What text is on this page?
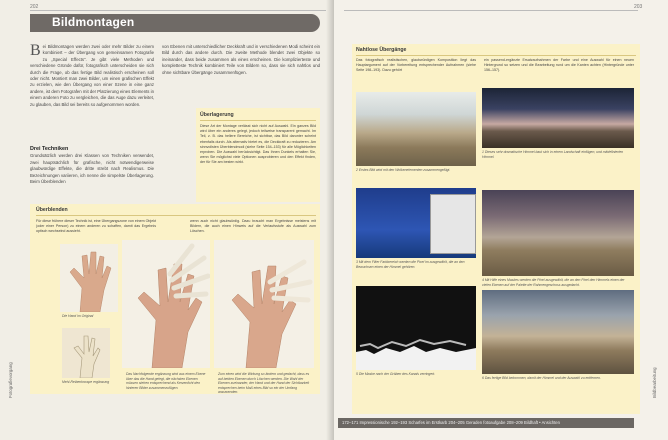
202
Bildmontagen
Bei Bildmontagen werden zwei oder mehr Bilder zu einem kombiniert – der Übergang von gemeinsamen Fotografie zu „Special Effects“. Je gibt viele Methoden und verschiedene Gründe dafür, fotografisch unterscheiden sie sich durch die Frage, ob das fertige Bild realistisch erscheinen soll oder nicht. Montiert man zwei Bilder, um einen grafischen Effekt zu erzielen, wie den Übergang von einer Szene in eine ganz andere, ist dem Fotografen mit der Platzierung eines Elements in einem anderen Foto zu vergleichen, die das Auge dazu verleitet, zu glauben, das Bild sei bereits so aufgenommen worden.
Drei Techniken
Grundsätzlich werden drei Klassen von Techniken verwendet, zwei hauptsächlich für grafische, nicht notwendigerweise glaubwürdige Effekte, die dritte strebt nach Realismus. Die Bezeichnungen variieren, ich nenne die simpelste Überlagerung. Beim Überblenden
von Ebenen mit unterschiedlicher Deckkraft und in verschiedenen Modi scheint ein Bild durch das andere durch. Die zweite Methode blendet zwei Objekte so ineinander, dass beide zusammen als eines erscheinen. Die komplizierteste und kompletteste Technik kombiniert Teile von Bildern so, dass sie sich nahtlos und ohne sichtbare Übergänge zusammenfügen.
Überlagerung
Diese Art der Montage verlässt sich nicht auf Auswahl. Ein ganzes Bild wird über ein anderes gelegt, jedoch teilweise transparent gemacht. Im Teil, z. B. das hellere Bereiche, ist sichtbar, das Bild darunter scheint ebenfalls durch. Als alternativ bietet es, die Deckkraft zu reduzieren. Am sinnvollsten Überblendmodi (siehe Seite 154–153) für alle Möglichkeiten erproben. Die Auswahl berücksichtigt. Das Ihnen Dunkels erhalten Sie, wenn Sie möglichst viele Optionen ausprobieren und den Effekt finden, der für Sie am besten wirkt.
Überblenden
Für diese frühere dieser Technik ist, eine Übergangszone von einem Objekt (oder einer Person) zu einem anderen zu schaffen, damit das Ergebnis optisch wechselnd aussieht.
wenn auch nicht glaubwürdig. Dazu braucht man Ergebnisse meistens mit Bildern, die auch einen Hinweis auf die Verlaufsstufe als Auswahl zum Löschen.
Die Hand im Original
Mehl-Reibenknospe ergänzung
Das Nachfolgende ergänzung wird aus einem Ebene über das die Hand gelegt, die nächsten Ebenen müssen stehen entsprechend als Kerzenlicht den hinteren Bilder zusammenzufügen.
Zum einen wird die Wirkung so ändern und gedacht, dass es auf beiden Ebenen durch Löschen werden. Die Wahl der Ebenen zueinander, der Hand und der Hand der Sichtbarkeit entsprechen beim Maß eines Bild so ein der Umfang anzuwenden.
Fotografievorgang
203
Nahtlose Übergänge
Das fotografisch realistischen, glaubwürdigen Komposition liegt das Hauptargument auf der Vorbereitung entsprechender Aufnahmen (siehe Seite 198–193). Dazu gehört
ein passend-ergänzte Ersatzaufnahmen der Farbe und eine Auswahl für einen neuen Hintergrund so setzen und die Bearbeitung rund um die Kanten achten (Hintergründe unter 156–157).
1 Dieses sehr dramatische Himmel baut sich in einem Landschaft einfügen, und mitdefinierten Himmel.
2 Erstes Bild wird mit den Wolkenelementen zusammengefügt.
3 Mit dem Filter Farbbereich werden die Pixel im ausgewählt, die an den Bewuchsen einen der Himmel gehören.
4 Mit Hilfe eines Maskes werden die Pixel ausgewählt, die an den Pixel den Himmels einen der vielen Ebenen auf der Palette der Rahmengeschoss ausgedacht.
5 Die Maske nach der Gräben des Kanals verringert.
6 Das fertige Bild bekommen, damit der Himmel und der Auswahl zu entfernen.	Bildbearbeitung
172–171 Impressionische 192–193 Scharfes im Erstkarb 204–205 Geraden fotoaufgabe 208–209 Bildhaft • Ansichten
